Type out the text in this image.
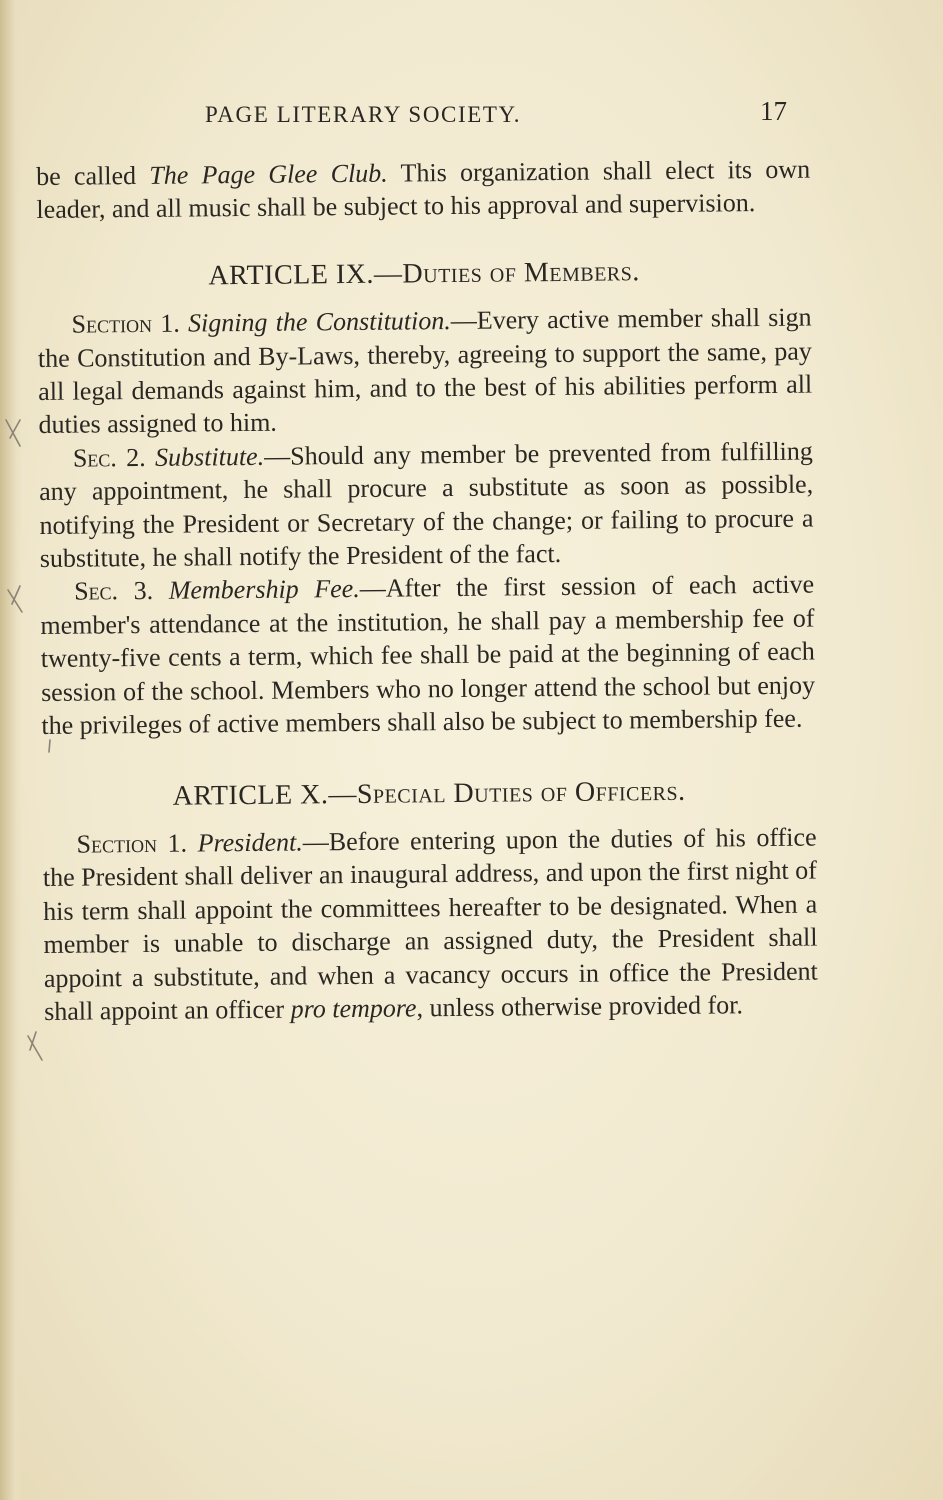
PAGE LITERARY SOCIETY.	17

be called The Page Glee Club. This organization shall elect its own leader, and all music shall be subject to his approval and supervision.

ARTICLE IX.—Duties of Members.

Section 1. Signing the Constitution.—Every active member shall sign the Constitution and By-Laws, thereby, agreeing to support the same, pay all legal demands against him, and to the best of his abilities perform all duties assigned to him.

Sec. 2. Substitute.—Should any member be prevented from fulfilling any appointment, he shall procure a substitute as soon as possible, notifying the President or Secretary of the change; or failing to procure a substitute, he shall notify the President of the fact.

Sec. 3. Membership Fee.—After the first session of each active member's attendance at the institution, he shall pay a membership fee of twenty-five cents a term, which fee shall be paid at the beginning of each session of the school. Members who no longer attend the school but enjoy the privileges of active members shall also be subject to membership fee.

ARTICLE X.—Special Duties of Officers.

Section 1. President.—Before entering upon the duties of his office the President shall deliver an inaugural address, and upon the first night of his term shall appoint the committees hereafter to be designated. When a member is unable to discharge an assigned duty, the President shall appoint a substitute, and when a vacancy occurs in office the President shall appoint an officer pro tempore, unless otherwise provided for.
